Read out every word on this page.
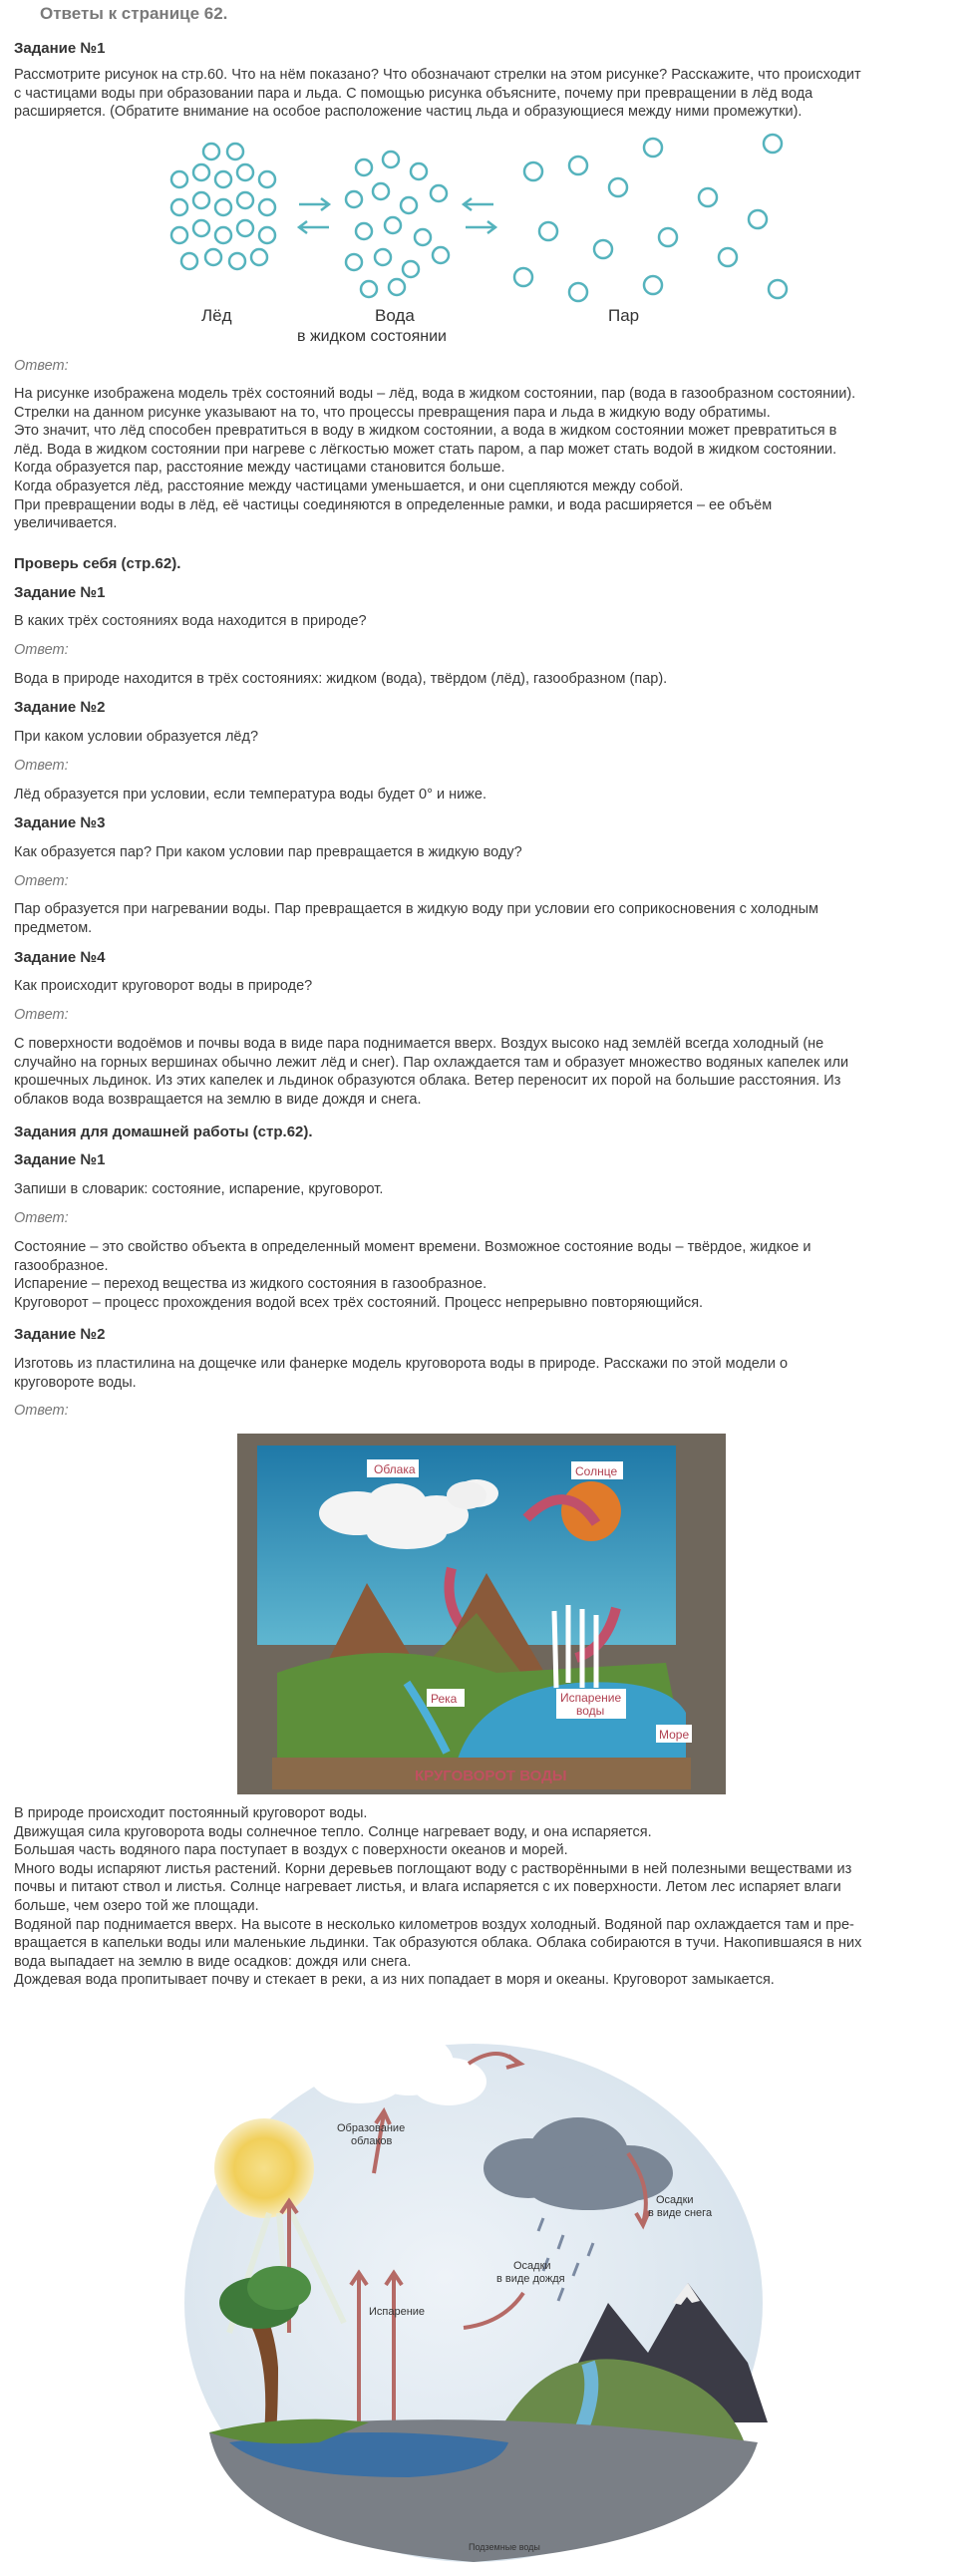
Ответы к странице 62.
Задание №1
Рассмотрите рисунок на стр.60. Что на нём показано? Что обозначают стрелки на этом рисунке? Расскажите, что происходит
с частицами воды при образовании пара и льда. С помощью рисунка объясните, почему при превращении в лёд вода
расширяется. (Обратите внимание на особое расположение частиц льда и образующиеся между ними промежутки).
Лёд	Вода
в жидком состоянии
Пар
Ответ:
На рисунке изображена модель трёх состояний воды – лёд, вода в жидком состоянии, пар (вода в газообразном состоянии).
Стрелки на данном рисунке указывают на то, что процессы превращения пара и льда в жидкую воду обратимы.
Это значит, что лёд способен превратиться в воду в жидком состоянии, а вода в жидком состоянии может превратиться в
лёд. Вода в жидком состоянии при нагреве с лёгкостью может стать паром, а пар может стать водой в жидком состоянии.
Когда образуется пар, расстояние между частицами становится больше.
Когда образуется лёд, расстояние между частицами уменьшается, и они сцепляются между собой.
При превращении воды в лёд, её частицы соединяются в определенные рамки, и вода расширяется – ее объём
увеличивается.
Проверь себя (стр.62).
Задание №1
В каких трёх состояниях вода находится в природе?
Ответ:
Вода в природе находится в трёх состояниях: жидком (вода), твёрдом (лёд), газообразном (пар).
Задание №2
При каком условии образуется лёд?
Ответ:
Лёд образуется при условии, если температура воды будет 0° и ниже.
Задание №3
Как образуется пар? При каком условии пар превращается в жидкую воду?
Ответ:
Пар образуется при нагревании воды. Пар превращается в жидкую воду при условии его соприкосновения с холодным
предметом.
Задание №4
Как происходит круговорот воды в природе?
Ответ:
С поверхности водоёмов и почвы вода в виде пара поднимается вверх. Воздух высоко над землёй всегда холодный (не
случайно на горных вершинах обычно лежит лёд и снег). Пар охлаждается там и образует множество водяных капелек или
крошечных льдинок. Из этих капелек и льдинок образуются облака. Ветер переносит их порой на большие расстояния. Из
облаков вода возвращается на землю в виде дождя и снега.
Задания для домашней работы (стр.62).
Задание №1
Запиши в словарик: состояние, испарение, круговорот.
Ответ:
Состояние – это свойство объекта в определенный момент времени. Возможное состояние воды – твёрдое, жидкое и
газообразное.
Испарение – переход вещества из жидкого состояния в газообразное.
Круговорот – процесс прохождения водой всех трёх состояний. Процесс непрерывно повторяющийся.
Задание №2
Изготовь из пластилина на дощечке или фанерке модель круговорота воды в природе. Расскажи по этой модели о
круговороте воды.
Ответ:
Облака	Солнце
Река	Испарение
воды
Море
КРУГОВОРОТ ВОДЫ
В природе происходит постоянный круговорот воды.
Движущая сила круговорота воды солнечное тепло. Солнце нагревает воду, и она испаряется.
Большая часть водяного пара поступает в воздух с поверхности океанов и морей.
Много воды испаряют листья растений. Корни деревьев поглощают воду с растворёнными в ней полезными веществами из
почвы и питают ствол и листья. Солнце нагревает листья, и влага испаряется с их поверхности. Летом лес испаряет влаги
больше, чем озеро той же площади.
Водяной пар поднимается вверх. На высоте в несколько километров воздух холодный. Водяной пар охлаждается там и пре-
вращается в капельки воды или маленькие льдинки. Так образуются облака. Облака собираются в тучи. Накопившаяся в них
вода выпадает на землю в виде осадков: дождя или снега.
Дождевая вода пропитывает почву и стекает в реки, а из них попадает в моря и океаны. Круговорот замыкается.
Образование
облаков
Осадки
в виде снега
Осадки
в виде дождя
Испарение
Подземные воды
